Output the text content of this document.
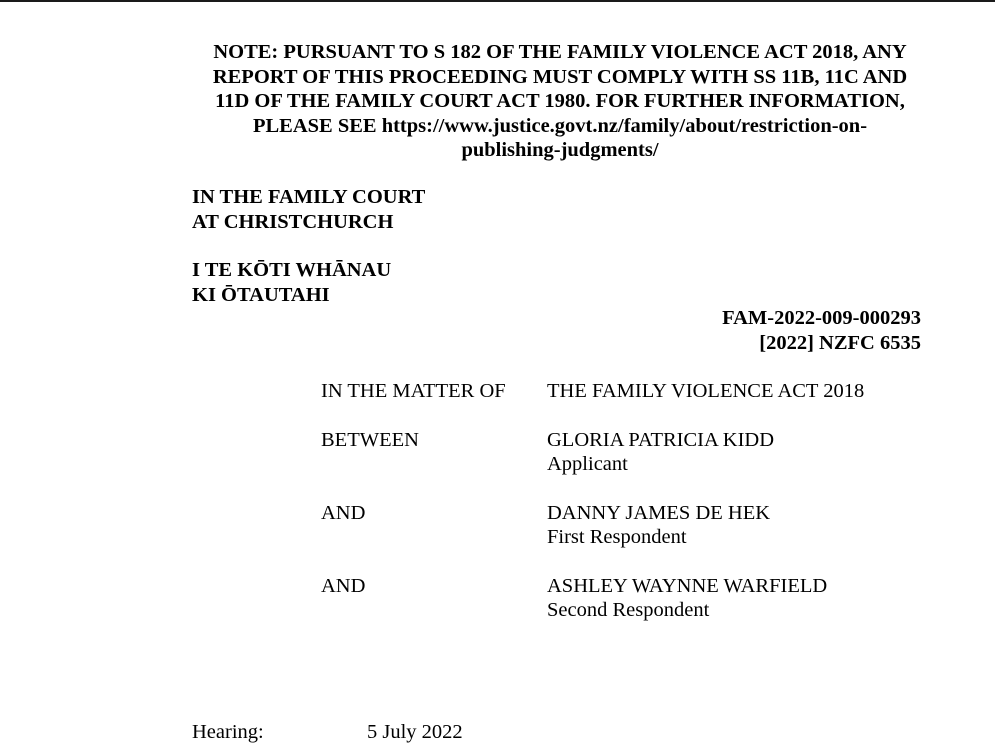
NOTE: PURSUANT TO S 182 OF THE FAMILY VIOLENCE ACT 2018, ANY
REPORT OF THIS PROCEEDING MUST COMPLY WITH SS 11B, 11C AND
11D OF THE FAMILY COURT ACT 1980. FOR FURTHER INFORMATION,
PLEASE SEE https://www.justice.govt.nz/family/about/restriction-on-
publishing-judgments/
IN THE FAMILY COURT
AT CHRISTCHURCH
I TE KŌTI WHĀNAU
KI ŌTAUTAHI
FAM-2022-009-000293
[2022] NZFC 6535
IN THE MATTER OF	THE FAMILY VIOLENCE ACT 2018
BETWEEN	GLORIA PATRICIA KIDD
Applicant
AND	DANNY JAMES DE HEK
First Respondent
AND	ASHLEY WAYNNE WARFIELD
Second Respondent
Hearing:	5 July 2022
